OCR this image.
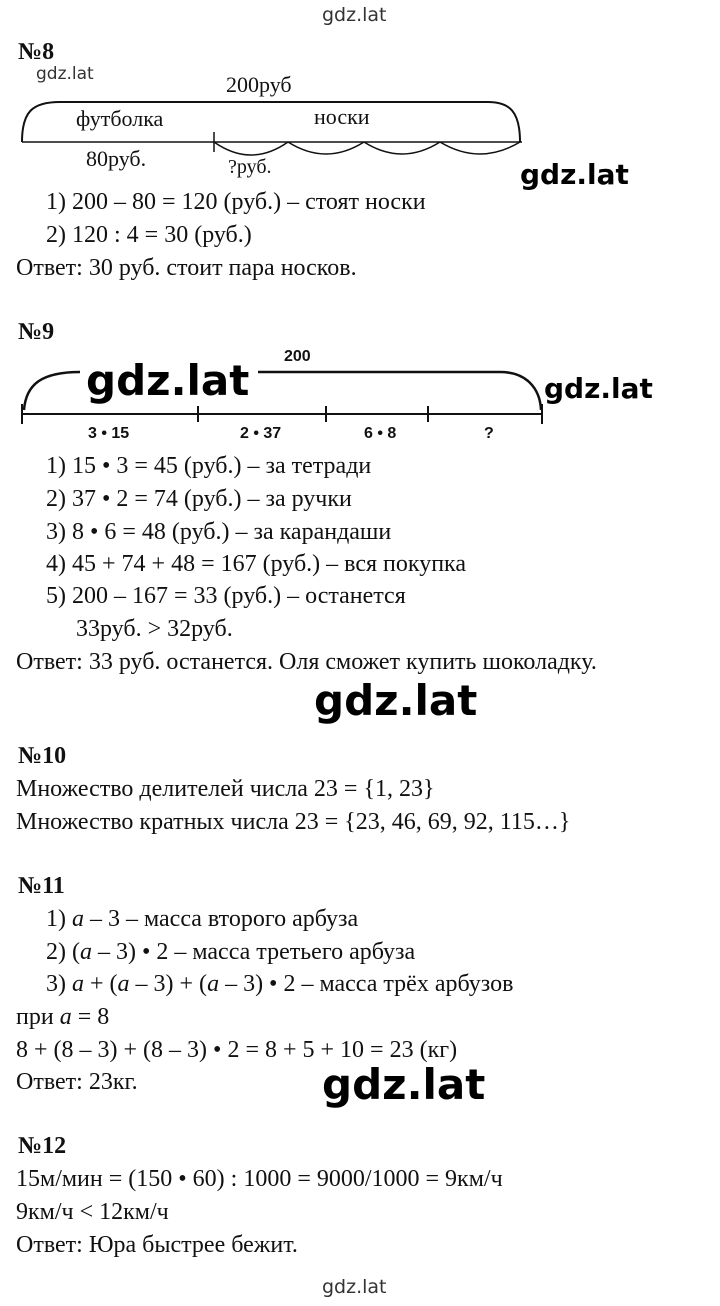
gdz.lat
№8
gdz.lat	200руб
футболка	носки
80руб.	?руб.	gdz.lat
1) 200 – 80 = 120 (руб.) – стоят носки
2) 120 : 4 = 30 (руб.)
Ответ: 30 руб. стоит пара носков.
№9
200
3 • 15	2 • 37	6 • 8	?
gdz.lat	gdz.lat
1) 15 • 3 = 45 (руб.) – за тетради
2) 37 • 2 = 74 (руб.) – за ручки
3) 8 • 6 = 48 (руб.) – за карандаши
4) 45 + 74 + 48 = 167 (руб.) – вся покупка
5) 200 – 167 = 33 (руб.) – останется
33руб. > 32руб.
Ответ: 33 руб. останется. Оля сможет купить шоколадку.
gdz.lat
№10
Множество делителей числа 23 = {1, 23}
Множество кратных числа 23 = {23, 46, 69, 92, 115…}
№11
1) a – 3 – масса второго арбуза
2) (a – 3) • 2 – масса третьего арбуза
3) a + (a – 3) + (a – 3) • 2 – масса трёх арбузов
при a = 8
8 + (8 – 3) + (8 – 3) • 2 = 8 + 5 + 10 = 23 (кг)
Ответ: 23кг.	gdz.lat
№12
15м/мин = (150 • 60) : 1000 = 9000/1000 = 9км/ч
9км/ч < 12км/ч
Ответ: Юра быстрее бежит.
gdz.lat
